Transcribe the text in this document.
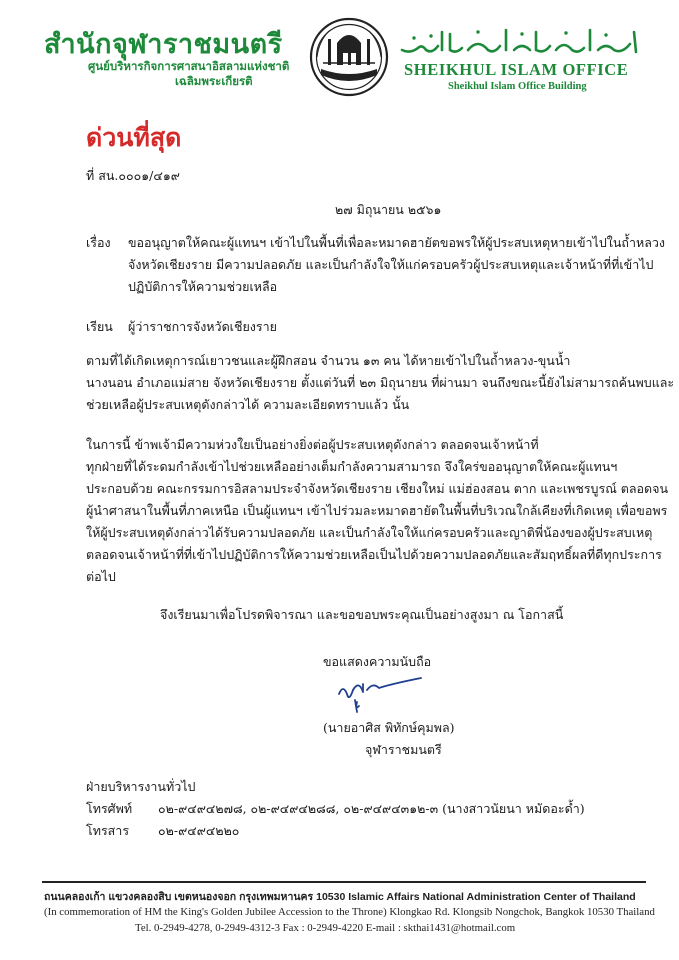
สำนักจุฬาราชมนตรี
ศูนย์บริหารกิจการศาสนาอิสลามแห่งชาติ
เฉลิมพระเกียรติ
SHEIKHUL ISLAM OFFICE
Sheikhul Islam Office Building
ด่วนที่สุด
ที่ สน.๐๐๐๑/๔๑๙
๒๗ มิถุนายน ๒๕๖๑
เรื่อง ขออนุญาตให้คณะผู้แทนฯ เข้าไปในพื้นที่เพื่อละหมาดฮายัตขอพรให้ผู้ประสบเหตุหายเข้าไปในถ้ำหลวง
จังหวัดเชียงราย มีความปลอดภัย และเป็นกำลังใจให้แก่ครอบครัวผู้ประสบเหตุและเจ้าหน้าที่ที่เข้าไป
ปฏิบัติการให้ความช่วยเหลือ
เรียน ผู้ว่าราชการจังหวัดเชียงราย
ตามที่ได้เกิดเหตุการณ์เยาวชนและผู้ฝึกสอน จำนวน ๑๓ คน ได้หายเข้าไปในถ้ำหลวง-ขุนน้ำ
นางนอน อำเภอแม่สาย จังหวัดเชียงราย ตั้งแต่วันที่ ๒๓ มิถุนายน ที่ผ่านมา จนถึงขณะนี้ยังไม่สามารถค้นพบและ
ช่วยเหลือผู้ประสบเหตุดังกล่าวได้ ความละเอียดทราบแล้ว นั้น
ในการนี้ ข้าพเจ้ามีความห่วงใยเป็นอย่างยิ่งต่อผู้ประสบเหตุดังกล่าว ตลอดจนเจ้าหน้าที่
ทุกฝ่ายที่ได้ระดมกำลังเข้าไปช่วยเหลืออย่างเต็มกำลังความสามารถ จึงใคร่ขออนุญาตให้คณะผู้แทนฯ
ประกอบด้วย คณะกรรมการอิสลามประจำจังหวัดเชียงราย เชียงใหม่ แม่ฮ่องสอน ตาก และเพชรบูรณ์ ตลอดจน
ผู้นำศาสนาในพื้นที่ภาคเหนือ เป็นผู้แทนฯ เข้าไปร่วมละหมาดฮายัตในพื้นที่บริเวณใกล้เคียงที่เกิดเหตุ เพื่อขอพร
ให้ผู้ประสบเหตุดังกล่าวได้รับความปลอดภัย และเป็นกำลังใจให้แก่ครอบครัวและญาติพี่น้องของผู้ประสบเหตุ
ตลอดจนเจ้าหน้าที่ที่เข้าไปปฏิบัติการให้ความช่วยเหลือเป็นไปด้วยความปลอดภัยและสัมฤทธิ์ผลที่ดีทุกประการ
ต่อไป
จึงเรียนมาเพื่อโปรดพิจารณา และขอขอบพระคุณเป็นอย่างสูงมา ณ โอกาสนี้
ขอแสดงความนับถือ
(นายอาศิส พิทักษ์คุมพล)
จุฬาราชมนตรี
ฝ่ายบริหารงานทั่วไป
โทรศัพท์ ๐๒-๙๔๙๔๒๗๘, ๐๒-๙๔๙๔๒๘๘, ๐๒-๙๔๙๔๓๑๒-๓ (นางสาวนัยนา หมัดอะด้ำ)
โทรสาร ๐๒-๙๔๙๔๒๒๐
ถนนคลองเก้า แขวงคลองสิบ เขตหนองจอก กรุงเทพมหานคร 10530 Islamic Affairs National Administration Center of Thailand
(In commemoration of HM the King's Golden Jubilee Accession to the Throne) Klongkao Rd. Klongsib Nongchok, Bangkok 10530 Thailand
Tel. 0-2949-4278, 0-2949-4312-3 Fax : 0-2949-4220 E-mail : skthai1431@hotmail.com
